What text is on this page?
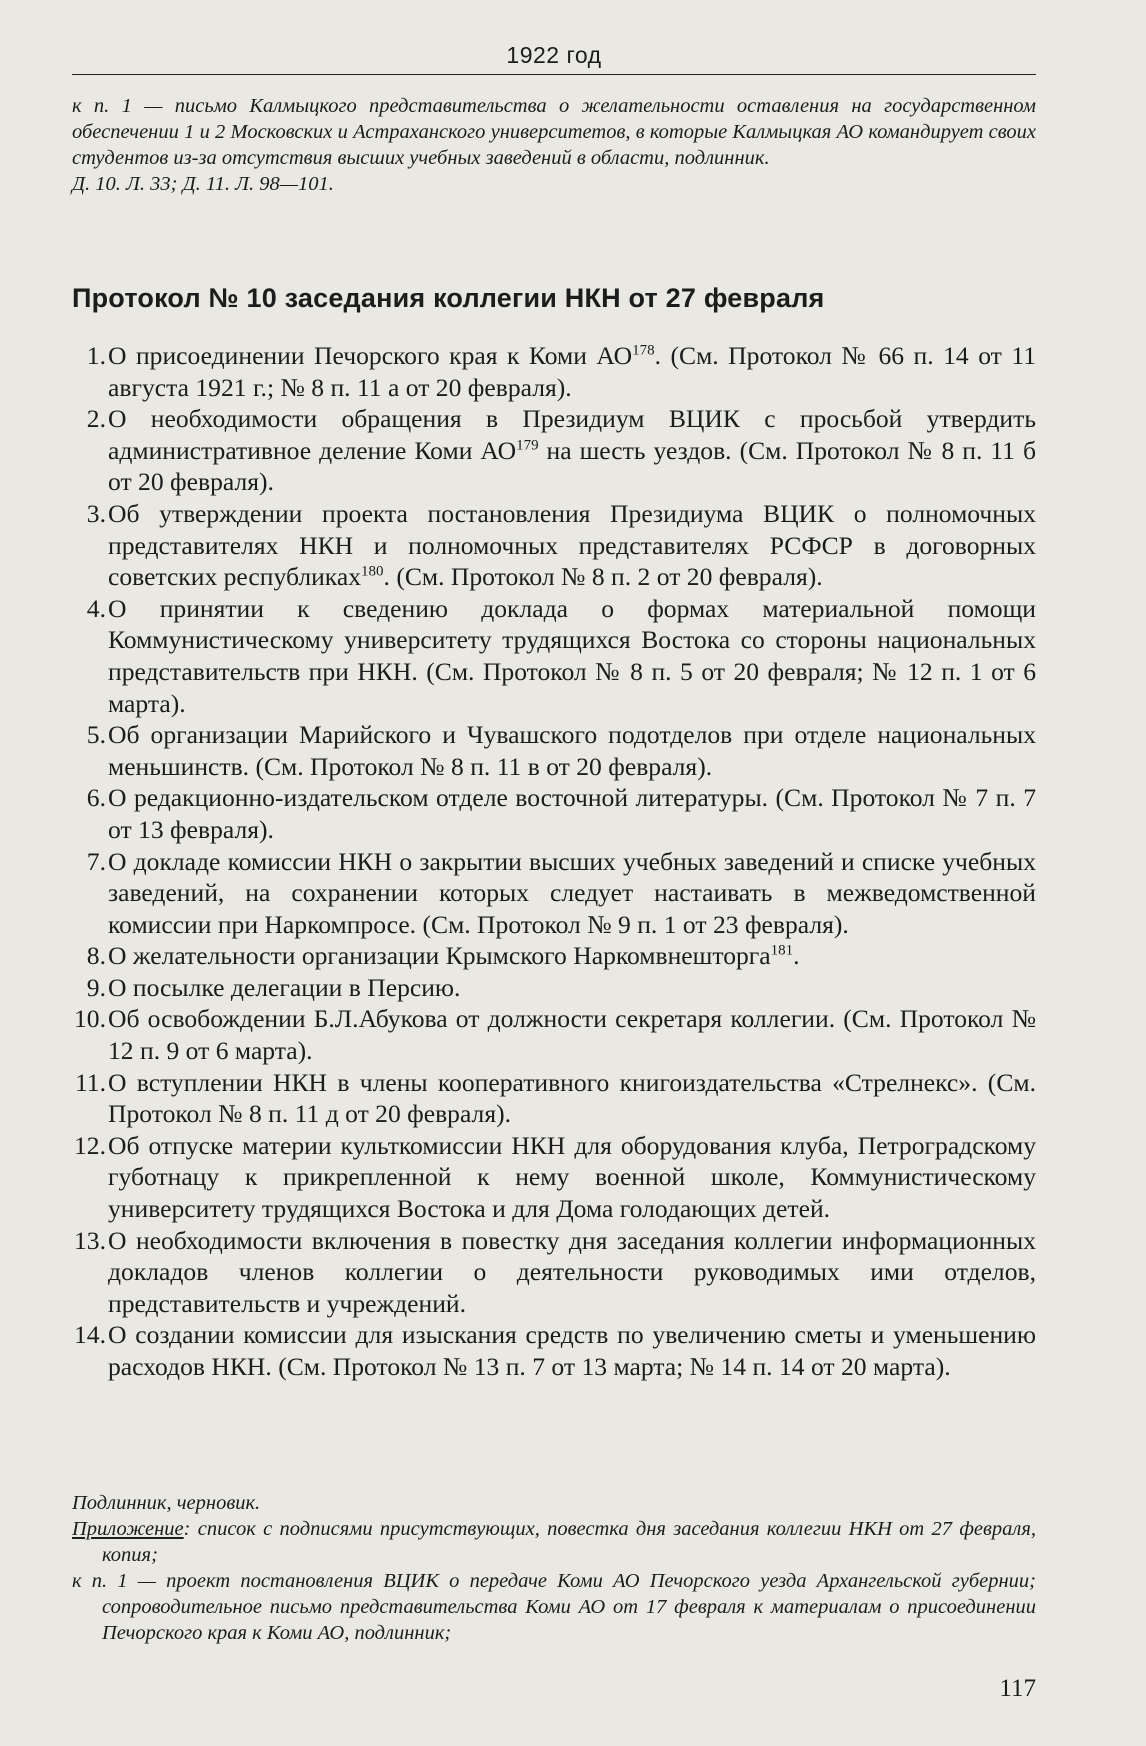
1922 год

к п. 1 — письмо Калмыцкого представительства о желательности оставления на государственном обеспечении 1 и 2 Московских и Астраханского университетов, в которые Калмыцкая АО командирует своих студентов из-за отсутствия высших учебных заведений в области, подлинник.

Д. 10. Л. 33; Д. 11. Л. 98—101.

Протокол № 10 заседания коллегии НКН от 27 февраля
1. О присоединении Печорского края к Коми АО$^{178}$. (См. Протокол № 66 п. 14 от 11 августа 1921 г.; № 8 п. 11 а от 20 февраля).
2. О необходимости обращения в Президиум ВЦИК с просьбой утвердить административное деление Коми АО$^{179}$ на шесть уездов. (См. Протокол № 8 п. 11 б от 20 февраля).
3. Об утверждении проекта постановления Президиума ВЦИК о полномочных представителях НКН и полномочных представителях РСФСР в договорных советских республиках$^{180}$. (См. Протокол № 8 п. 2 от 20 февраля).
4. О принятии к сведению доклада о формах материальной помощи Коммунистическому университету трудящихся Востока со стороны национальных представительств при НКН. (См. Протокол № 8 п. 5 от 20 февраля; № 12 п. 1 от 6 марта).
5. Об организации Марийского и Чувашского подотделов при отделе национальных меньшинств. (См. Протокол № 8 п. 11 в от 20 февраля).
6. О редакционно-издательском отделе восточной литературы. (См. Протокол № 7 п. 7 от 13 февраля).
7. О докладе комиссии НКН о закрытии высших учебных заведений и списке учебных заведений, на сохранении которых следует настаивать в межведомственной комиссии при Наркомпросе. (См. Протокол № 9 п. 1 от 23 февраля).
8. О желательности организации Крымского Наркомвнешторга$^{181}$.
9. О посылке делегации в Персию.
10. Об освобождении Б.Л.Абукова от должности секретаря коллегии. (См. Протокол № 12 п. 9 от 6 марта).
11. О вступлении НКН в члены кооперативного книгоиздательства «Стрелнекс». (См. Протокол № 8 п. 11 д от 20 февраля).
12. Об отпуске материи культкомиссии НКН для оборудования клуба, Петроградскому губотнацу к прикрепленной к нему военной школе, Коммунистическому университету трудящихся Востока и для Дома голодающих детей.
13. О необходимости включения в повестку дня заседания коллегии информационных докладов членов коллегии о деятельности руководимых ими отделов, представительств и учреждений.
14. О создании комиссии для изыскания средств по увеличению сметы и уменьшению расходов НКН. (См. Протокол № 13 п. 7 от 13 марта; № 14 п. 14 от 20 марта).

Подлинник, черновик.

Приложение: список с подписями присутствующих, повестка дня заседания коллегии НКН от 27 февраля, копия;

к п. 1 — проект постановления ВЦИК о передаче Коми АО Печорского уезда Архангельской губернии; сопроводительное письмо представительства Коми АО от 17 февраля к материалам о присоединении Печорского края к Коми АО, подлинник;

117
